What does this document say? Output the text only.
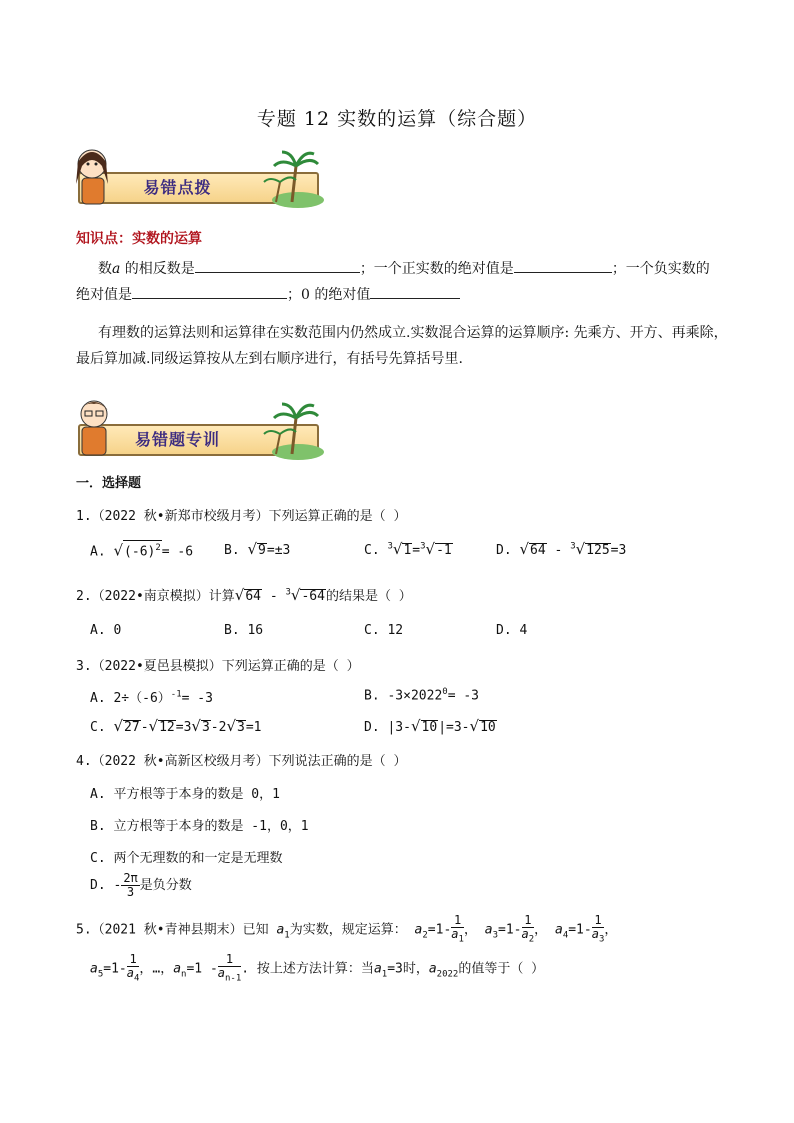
专题 12 实数的运算（综合题）
易错点拨
知识点：实数的运算
数a 的相反数是	；一个正实数的绝对值是	；一个负实数的
绝对值是	；0 的绝对值
有理数的运算法则和运算律在实数范围内仍然成立.实数混合运算的运算顺序: 先乘方、开方、再乘除，
最后算加减.同级运算按从左到右顺序进行，有括号先算括号里.
易错题专训
一．选择题
1.（2022 秋•新郑市校级月考）下列运算正确的是（ ）
A. $√(-6)^2= -6$ B. √9=±3	C. $^3$√1=$^3$√-1	D. √64 - $^3$√125=3
2.（2022•南京模拟）计算√64 - $^3$√-64的结果是（ ）
A. 0	B. 16	C. 12	D. 4
3.（2022•夏邑县模拟）下列运算正确的是（ ）
A. $2\div(-6)^{-1}= -3$	B. $-3\times 2022^0= -3$
C. √27-√12=3√3-2√3=1	D. |3-√10|=3-√10
4.（2022 秋•高新区校级月考）下列说法正确的是（ ）
A. 平方根等于本身的数是 0，1
B. 立方根等于本身的数是 -1，0，1
C. 两个无理数的和一定是无理数
D. - $\frac{2\pi}{3}$ 是负分数
5.（2021 秋•青神县期末）已知 $a_1$为实数，规定运算： $a_2=1- \frac{1}{a_1}$ ， $a_3=1- \frac{1}{a_2}$ ， $a_4=1- \frac{1}{a_3}$ ，
$a_5=1- \frac{1}{a_4}$ ，…，$a_n=1 - \frac{1}{a_{n-1}}$ . 按上述方法计算：当$a_1=3$时，$a_{2022}$的值等于（ ）
